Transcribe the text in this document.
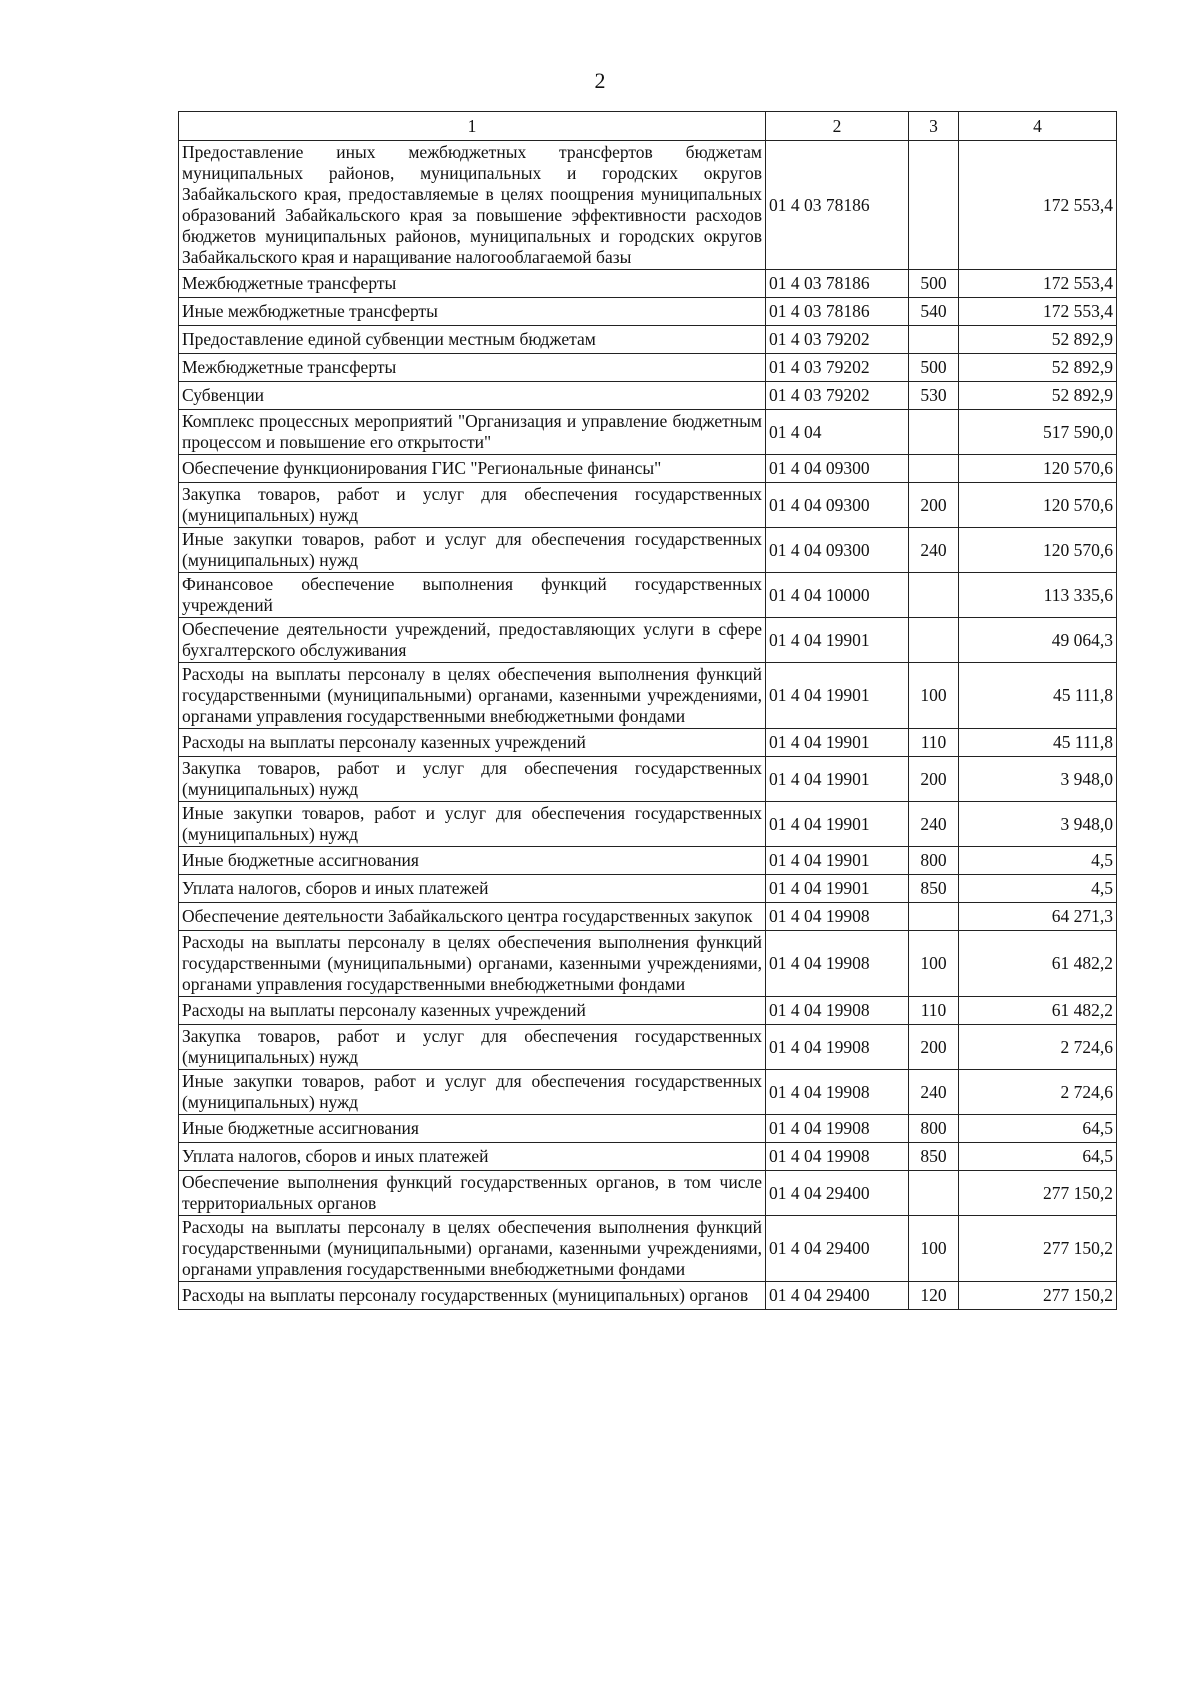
2
1	2	3	4
Предоставление иных межбюджетных трансфертов бюджетам муниципальных районов, муниципальных и городских округов Забайкальского края, предоставляемые в целях поощрения муниципальных образований Забайкальского края за повышение эффективности расходов бюджетов муниципальных районов, муниципальных и городских округов Забайкальского края и наращивание налогооблагаемой базы	01 4 03 78186		172 553,4
Межбюджетные трансферты	01 4 03 78186	500	172 553,4
Иные межбюджетные трансферты	01 4 03 78186	540	172 553,4
Предоставление единой субвенции местным бюджетам	01 4 03 79202		52 892,9
Межбюджетные трансферты	01 4 03 79202	500	52 892,9
Субвенции	01 4 03 79202	530	52 892,9
Комплекс процессных мероприятий "Организация и управление бюджетным процессом и повышение его открытости"	01 4 04		517 590,0
Обеспечение функционирования ГИС "Региональные финансы"	01 4 04 09300		120 570,6
Закупка товаров, работ и услуг для обеспечения государственных (муниципальных) нужд	01 4 04 09300	200	120 570,6
Иные закупки товаров, работ и услуг для обеспечения государственных (муниципальных) нужд	01 4 04 09300	240	120 570,6
Финансовое обеспечение выполнения функций государственных учреждений	01 4 04 10000		113 335,6
Обеспечение деятельности учреждений, предоставляющих услуги в сфере бухгалтерского обслуживания	01 4 04 19901		49 064,3
Расходы на выплаты персоналу в целях обеспечения выполнения функций государственными (муниципальными) органами, казенными учреждениями, органами управления государственными внебюджетными фондами	01 4 04 19901	100	45 111,8
Расходы на выплаты персоналу казенных учреждений	01 4 04 19901	110	45 111,8
Закупка товаров, работ и услуг для обеспечения государственных (муниципальных) нужд	01 4 04 19901	200	3 948,0
Иные закупки товаров, работ и услуг для обеспечения государственных (муниципальных) нужд	01 4 04 19901	240	3 948,0
Иные бюджетные ассигнования	01 4 04 19901	800	4,5
Уплата налогов, сборов и иных платежей	01 4 04 19901	850	4,5
Обеспечение деятельности Забайкальского центра государственных закупок	01 4 04 19908		64 271,3
Расходы на выплаты персоналу в целях обеспечения выполнения функций государственными (муниципальными) органами, казенными учреждениями, органами управления государственными внебюджетными фондами	01 4 04 19908	100	61 482,2
Расходы на выплаты персоналу казенных учреждений	01 4 04 19908	110	61 482,2
Закупка товаров, работ и услуг для обеспечения государственных (муниципальных) нужд	01 4 04 19908	200	2 724,6
Иные закупки товаров, работ и услуг для обеспечения государственных (муниципальных) нужд	01 4 04 19908	240	2 724,6
Иные бюджетные ассигнования	01 4 04 19908	800	64,5
Уплата налогов, сборов и иных платежей	01 4 04 19908	850	64,5
Обеспечение выполнения функций государственных органов, в том числе территориальных органов	01 4 04 29400		277 150,2
Расходы на выплаты персоналу в целях обеспечения выполнения функций государственными (муниципальными) органами, казенными учреждениями, органами управления государственными внебюджетными фондами	01 4 04 29400	100	277 150,2
Расходы на выплаты персоналу государственных (муниципальных) органов	01 4 04 29400	120	277 150,2
